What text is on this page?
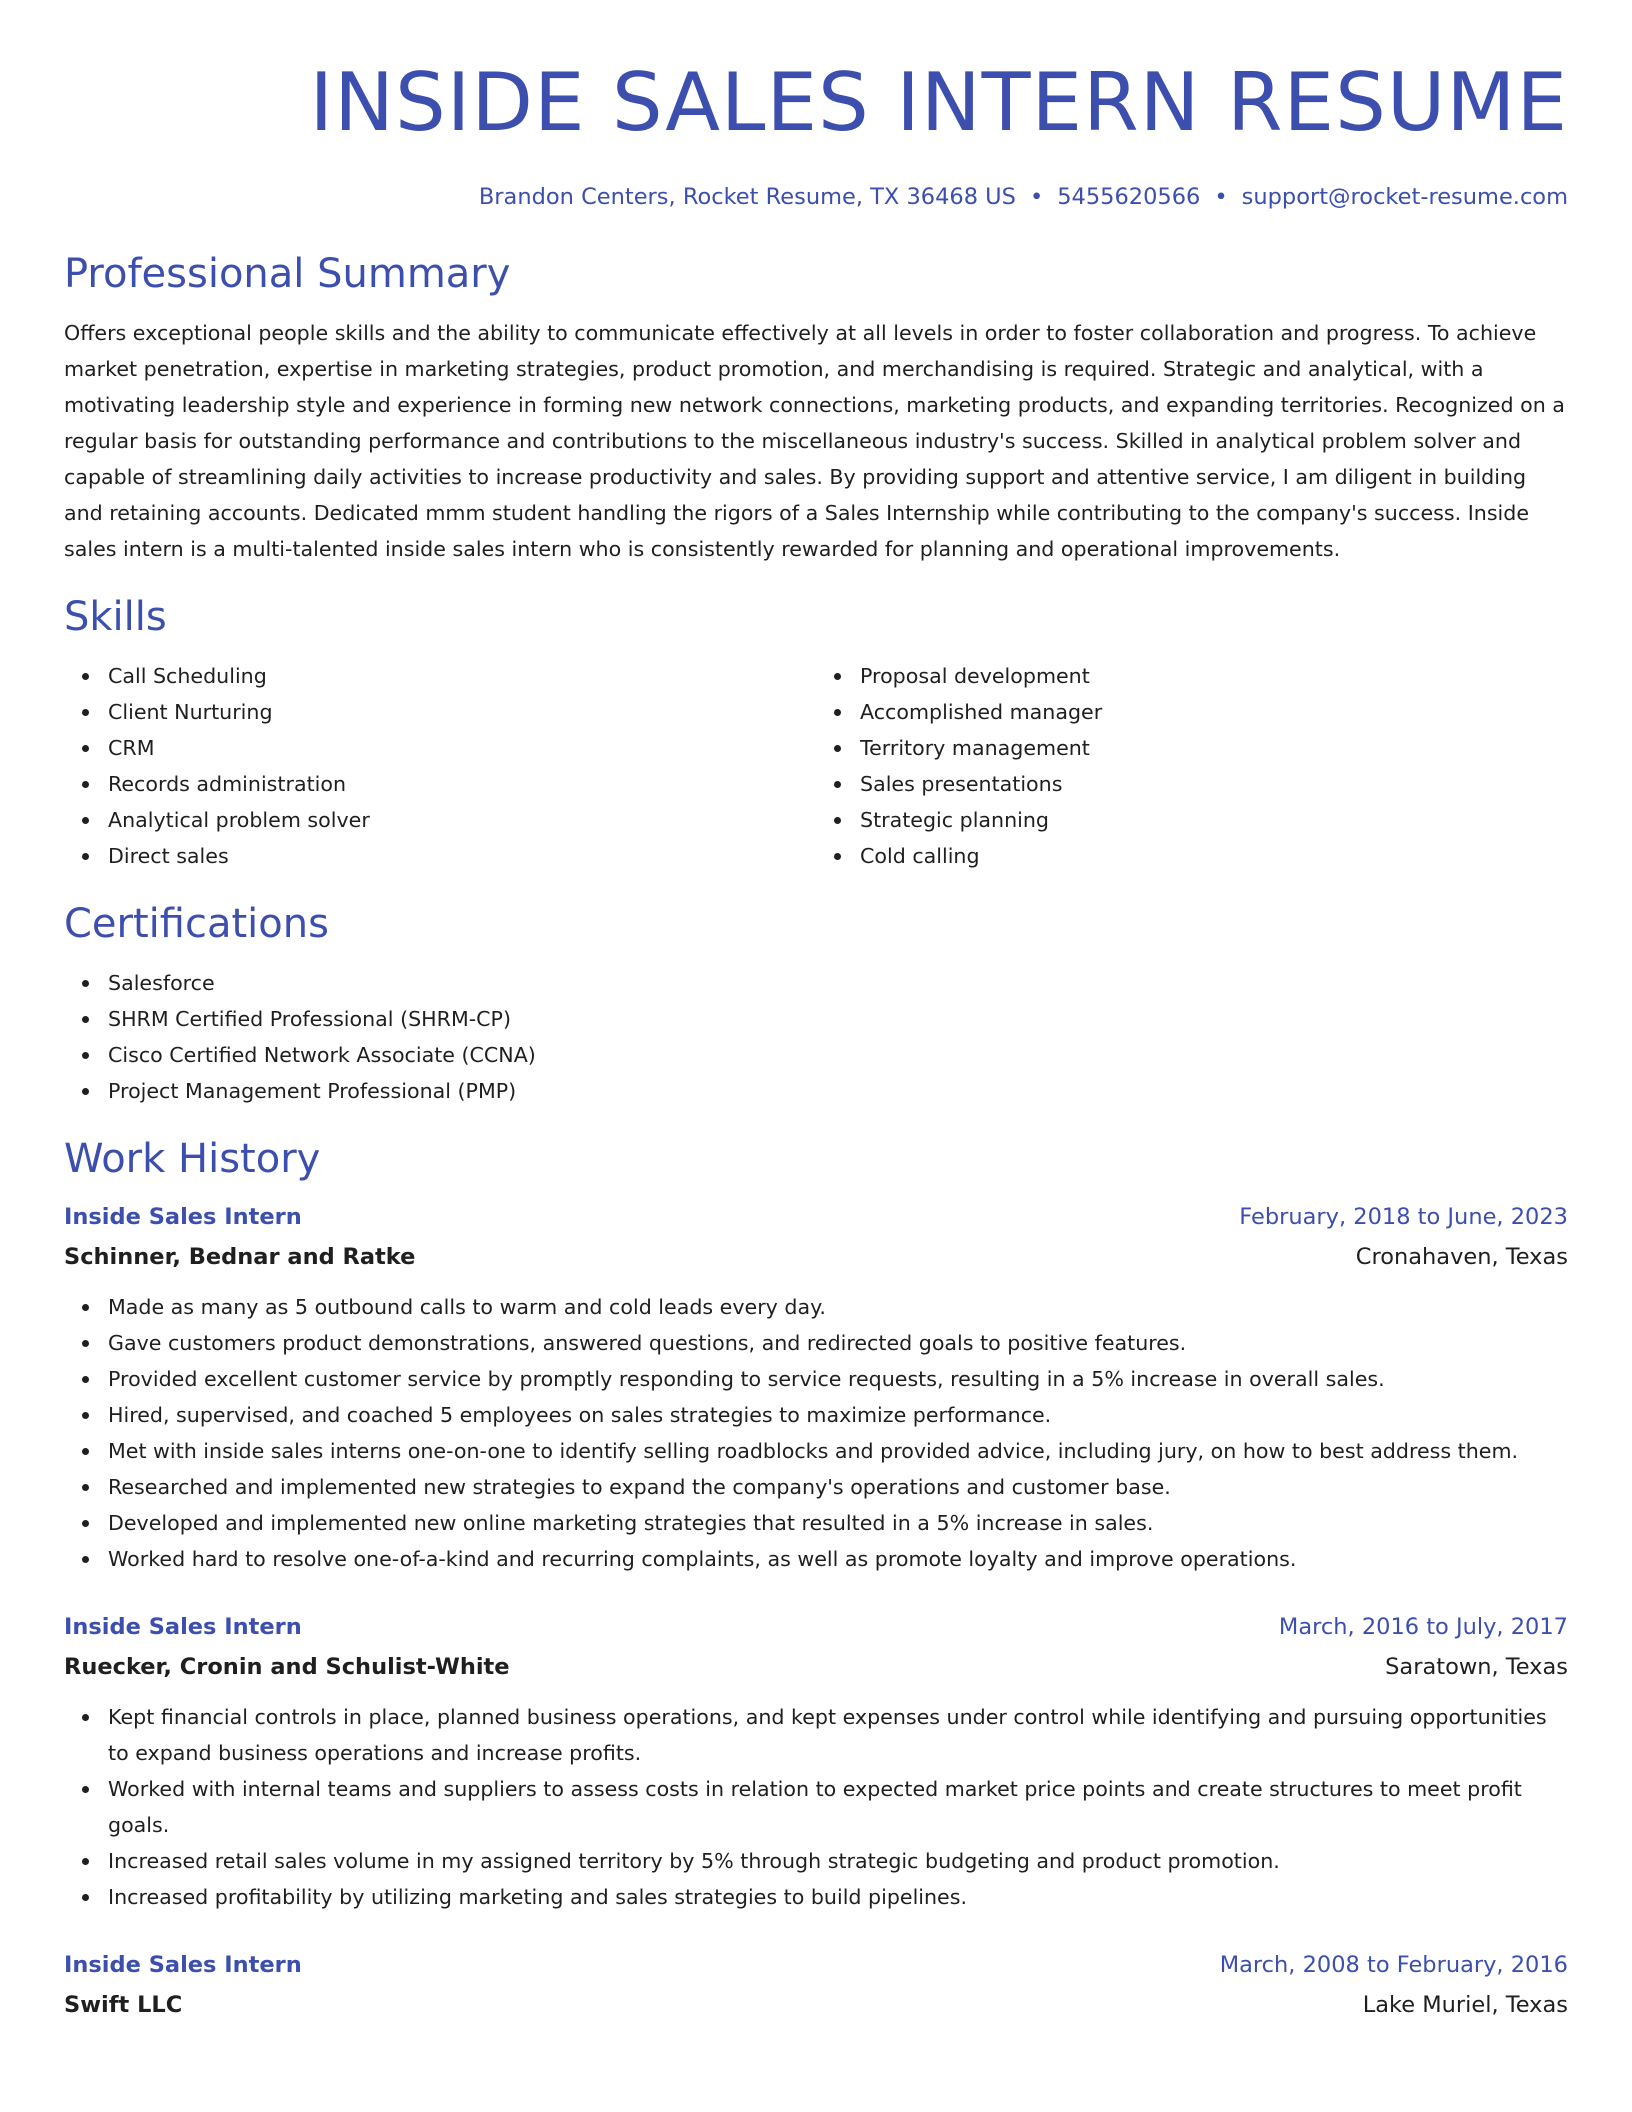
INSIDE SALES INTERN RESUME
Brandon Centers, Rocket Resume, TX 36468 US • 5455620566 • support@rocket-resume.com
Professional Summary

Offers exceptional people skills and the ability to communicate effectively at all levels in order to foster collaboration and progress. To achieve market penetration, expertise in marketing strategies, product promotion, and merchandising is required. Strategic and analytical, with a motivating leadership style and experience in forming new network connections, marketing products, and expanding territories. Recognized on a regular basis for outstanding performance and contributions to the miscellaneous industry's success. Skilled in analytical problem solver and capable of streamlining daily activities to increase productivity and sales. By providing support and attentive service, I am diligent in building and retaining accounts. Dedicated mmm student handling the rigors of a Sales Internship while contributing to the company's success. Inside sales intern is a multi-talented inside sales intern who is consistently rewarded for planning and operational improvements.

Skills
Call Scheduling
Client Nurturing
CRM
Records administration
Analytical problem solver
Direct sales
Proposal development
Accomplished manager
Territory management
Sales presentations
Strategic planning
Cold calling
Certifications
Salesforce
SHRM Certified Professional (SHRM-CP)
Cisco Certified Network Associate (CCNA)
Project Management Professional (PMP)
Work History
Inside Sales Intern	February, 2018 to June, 2023
Schinner, Bednar and Ratke	Cronahaven, Texas
Made as many as 5 outbound calls to warm and cold leads every day.
Gave customers product demonstrations, answered questions, and redirected goals to positive features.
Provided excellent customer service by promptly responding to service requests, resulting in a 5% increase in overall sales.
Hired, supervised, and coached 5 employees on sales strategies to maximize performance.
Met with inside sales interns one-on-one to identify selling roadblocks and provided advice, including jury, on how to best address them.
Researched and implemented new strategies to expand the company's operations and customer base.
Developed and implemented new online marketing strategies that resulted in a 5% increase in sales.
Worked hard to resolve one-of-a-kind and recurring complaints, as well as promote loyalty and improve operations.
Inside Sales Intern	March, 2016 to July, 2017
Ruecker, Cronin and Schulist-White	Saratown, Texas
Kept financial controls in place, planned business operations, and kept expenses under control while identifying and pursuing opportunities to expand business operations and increase profits.
Worked with internal teams and suppliers to assess costs in relation to expected market price points and create structures to meet profit goals.
Increased retail sales volume in my assigned territory by 5% through strategic budgeting and product promotion.
Increased profitability by utilizing marketing and sales strategies to build pipelines.
Inside Sales Intern	March, 2008 to February, 2016
Swift LLC	Lake Muriel, Texas
